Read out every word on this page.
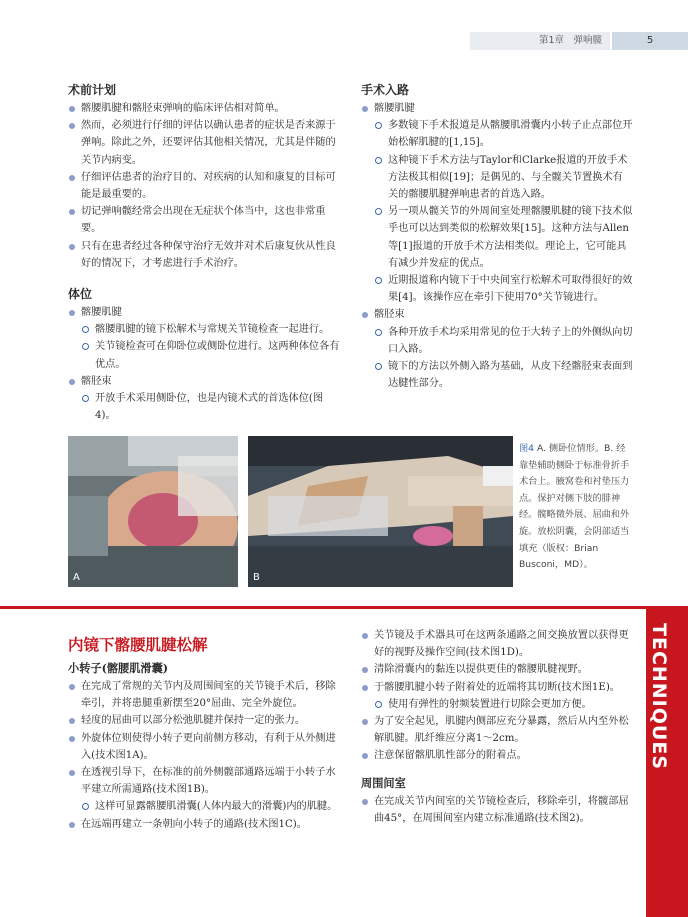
第1章　弹响髋	5
术前计划
髂腰肌腱和髂胫束弹响的临床评估相对简单。
然而，必须进行仔细的评估以确认患者的症状是否来源于弹响。除此之外，还要评估其他相关情况，尤其是伴随的关节内病变。
仔细评估患者的治疗目的、对疾病的认知和康复的目标可能是最重要的。
切记弹响髋经常会出现在无症状个体当中，这也非常重要。
只有在患者经过各种保守治疗无效并对术后康复伙从性良好的情况下，才考虑进行手术治疗。
体位
髂腰肌腱
髂腰肌腱的镜下松解术与常规关节镜检查一起进行。
关节镜检查可在仰卧位或侧卧位进行。这两种体位各有优点。
髂胫束
开放手术采用侧卧位，也是内镜术式的首选体位(图4)。
手术入路
髂腰肌腱
多数镜下手术报道是从髂腰肌滑囊内小转子止点部位开始松解肌腱的[1,15]。
这种镜下手术方法与Taylor和Clarke报道的开放手术方法极其相似[19]；是偶见的、与全髋关节置换术有关的髂腰肌腱弹响患者的首选入路。
另一项从髋关节的外周间室处理髂腰肌腱的镜下技术似乎也可以达到类似的松解效果[15]。这种方法与Allen等[1]报道的开放手术方法相类似。理论上，它可能具有减少并发症的优点。
近期报道称内镜下于中央间室行松解术可取得很好的效果[4]。该操作应在牵引下使用70°关节镜进行。
髂胫束
各种开放手术均采用常见的位于大转子上的外侧纵向切口入路。
镜下的方法以外侧入路为基础，从皮下经髂胫束表面到达腱性部分。
A	B
图4 A. 侧卧位情形。B. 经靠垫辅助侧卧于标准骨折手术台上。腋窝卷和衬垫压力点。保护对侧下肢的腓神经。髋略微外展、屈曲和外旋。放松阴囊，会阴部适当填充（版权：Brian Busconi，MD）。
TECHNIQUES
内镜下髂腰肌腱松解
小转子(髂腰肌滑囊)
在完成了常规的关节内及周围间室的关节镜手术后，移除牵引，并将患腿重新摆至20°屈曲、完全外旋位。
轻度的屈曲可以部分松弛肌腱并保持一定的张力。
外旋体位则使得小转子更向前侧方移动，有利于从外侧进入(技术图1A)。
在透视引导下，在标准的前外侧髋部通路远端于小转子水平建立所需通路(技术图1B)。
这样可显露髂腰肌滑囊(人体内最大的滑囊)内的肌腱。
在远端再建立一条朝向小转子的通路(技术图1C)。
关节镜及手术器具可在这两条通路之间交换放置以获得更好的视野及操作空间(技术图1D)。
清除滑囊内的黏连以提供更佳的髂腰肌腱视野。
于髂腰肌腱小转子附着处的近端将其切断(技术图1E)。
使用有弹性的射频装置进行切除会更加方便。
为了安全起见，肌腱内侧部应充分暴露，然后从内至外松解肌腱。肌纤维应分离1～2cm。
注意保留髂肌肌性部分的附着点。
周围间室
在完成关节内间室的关节镜检查后，移除牵引，将髋部屈曲45°，在周围间室内建立标准通路(技术图2)。
